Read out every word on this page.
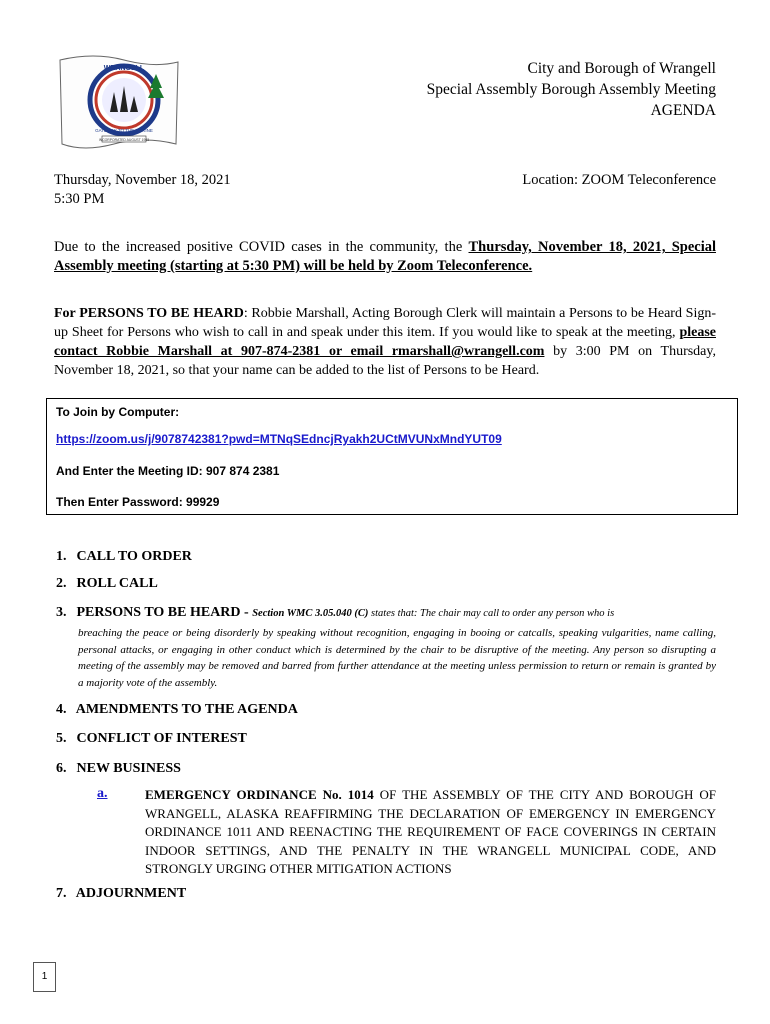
WRANGELL
GATEWAY TO THE STIKINE
INCORPORATED AUGUST 1903
City and Borough of Wrangell
Special Assembly Borough Assembly Meeting
AGENDA
Thursday, November 18, 2021
5:30 PM
Location: ZOOM Teleconference
Due to the increased positive COVID cases in the community, the Thursday, November 18, 2021, Special Assembly meeting (starting at 5:30 PM) will be held by Zoom Teleconference.
For PERSONS TO BE HEARD: Robbie Marshall, Acting Borough Clerk will maintain a Persons to be Heard Sign-up Sheet for Persons who wish to call in and speak under this item. If you would like to speak at the meeting, please contact Robbie Marshall at 907-874-2381 or email rmarshall@wrangell.com by 3:00 PM on Thursday, November 18, 2021, so that your name can be added to the list of Persons to be Heard.
To Join by Computer:
https://zoom.us/j/9078742381?pwd=MTNqSEdncjRyakh2UCtMVUNxMndYUT09
And Enter the Meeting ID: 907 874 2381
Then Enter Password: 99929
1. CALL TO ORDER
2. ROLL CALL
3. PERSONS TO BE HEARD - Section WMC 3.05.040 (C) states that: The chair may call to order any person who is
breaching the peace or being disorderly by speaking without recognition, engaging in booing or catcalls, speaking vulgarities, name calling, personal attacks, or engaging in other conduct which is determined by the chair to be disruptive of the meeting. Any person so disrupting a meeting of the assembly may be removed and barred from further attendance at the meeting unless permission to return or remain is granted by a majority vote of the assembly.
4. AMENDMENTS TO THE AGENDA
5. CONFLICT OF INTEREST
6. NEW BUSINESS
a.	EMERGENCY ORDINANCE No. 1014 OF THE ASSEMBLY OF THE CITY AND BOROUGH OF WRANGELL, ALASKA REAFFIRMING THE DECLARATION OF EMERGENCY IN EMERGENCY ORDINANCE 1011 AND REENACTING THE REQUIREMENT OF FACE COVERINGS IN CERTAIN INDOOR SETTINGS, AND THE PENALTY IN THE WRANGELL MUNICIPAL CODE, AND STRONGLY URGING OTHER MITIGATION ACTIONS
7. ADJOURNMENT
1
